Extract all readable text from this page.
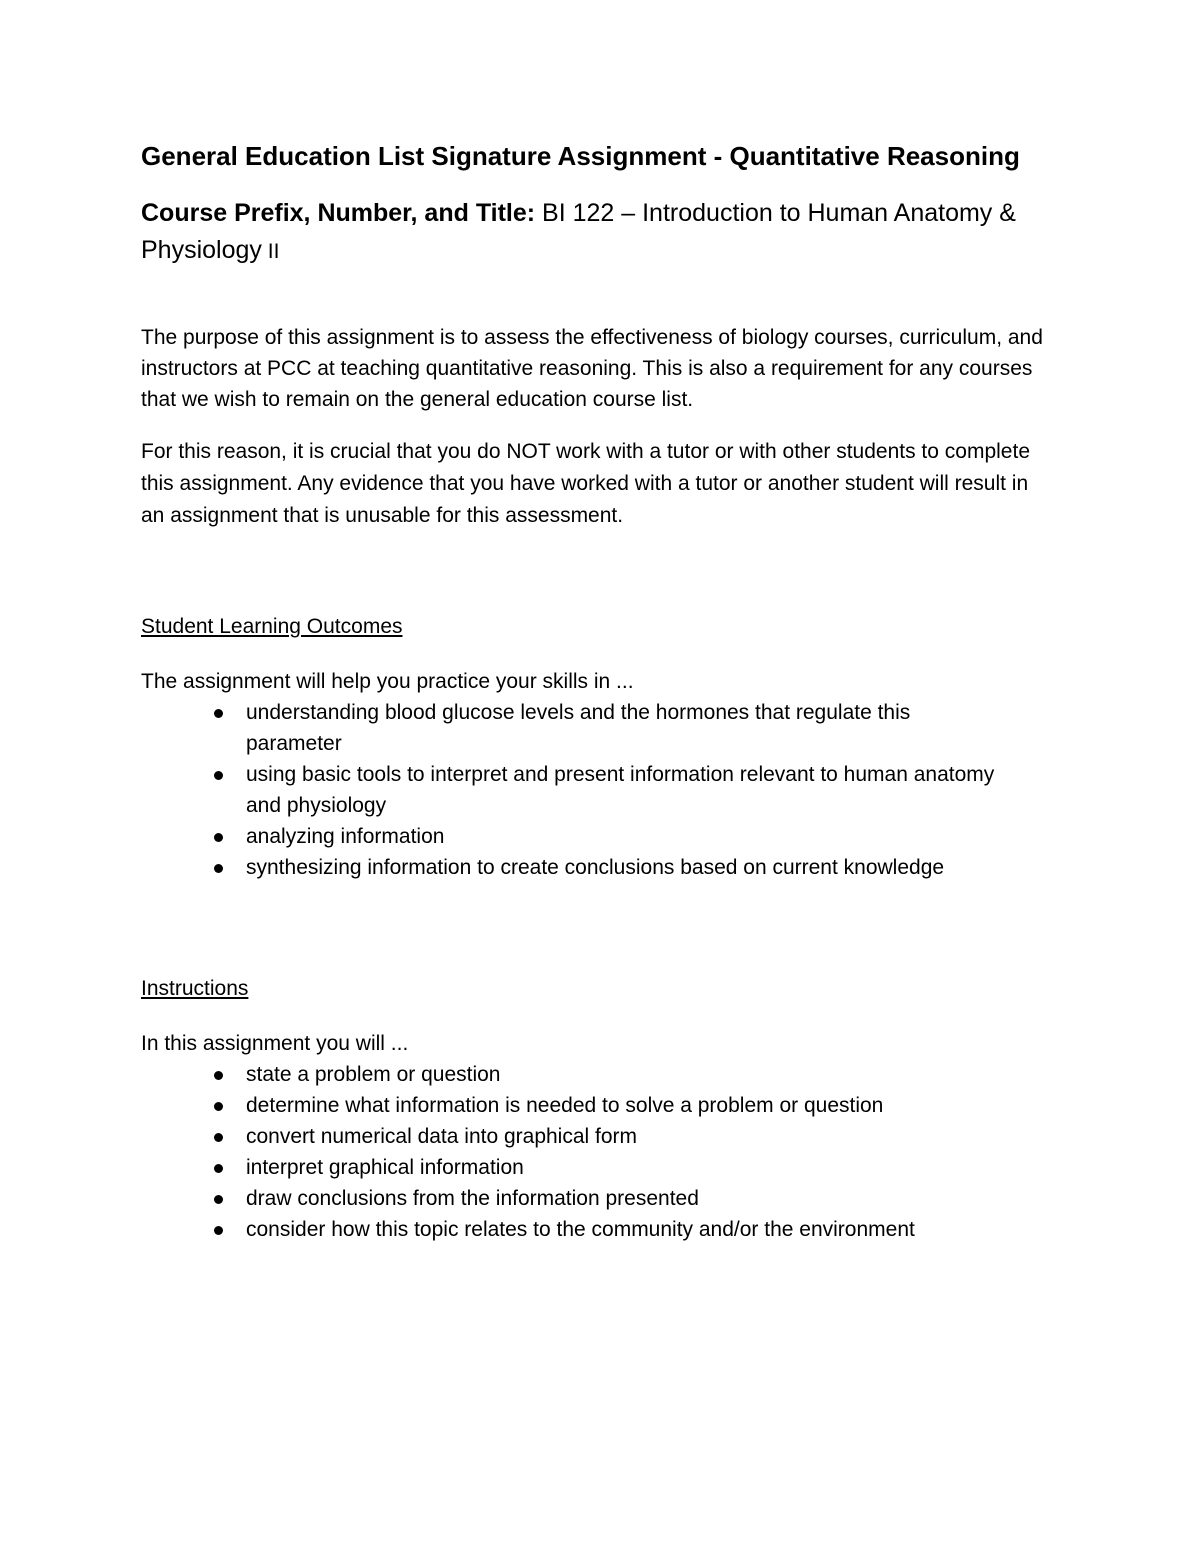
General Education List Signature Assignment - Quantitative Reasoning

Course Prefix, Number, and Title: BI 122 – Introduction to Human Anatomy & Physiology II

The purpose of this assignment is to assess the effectiveness of biology courses, curriculum, and instructors at PCC at teaching quantitative reasoning. This is also a requirement for any courses that we wish to remain on the general education course list.

For this reason, it is crucial that you do NOT work with a tutor or with other students to complete this assignment. Any evidence that you have worked with a tutor or another student will result in an assignment that is unusable for this assessment.

Student Learning Outcomes

The assignment will help you practice your skills in ...

understanding blood glucose levels and the hormones that regulate this parameter
using basic tools to interpret and present information relevant to human anatomy and physiology
analyzing information
synthesizing information to create conclusions based on current knowledge

Instructions

In this assignment you will ...

state a problem or question
determine what information is needed to solve a problem or question
convert numerical data into graphical form
interpret graphical information
draw conclusions from the information presented
consider how this topic relates to the community and/or the environment
